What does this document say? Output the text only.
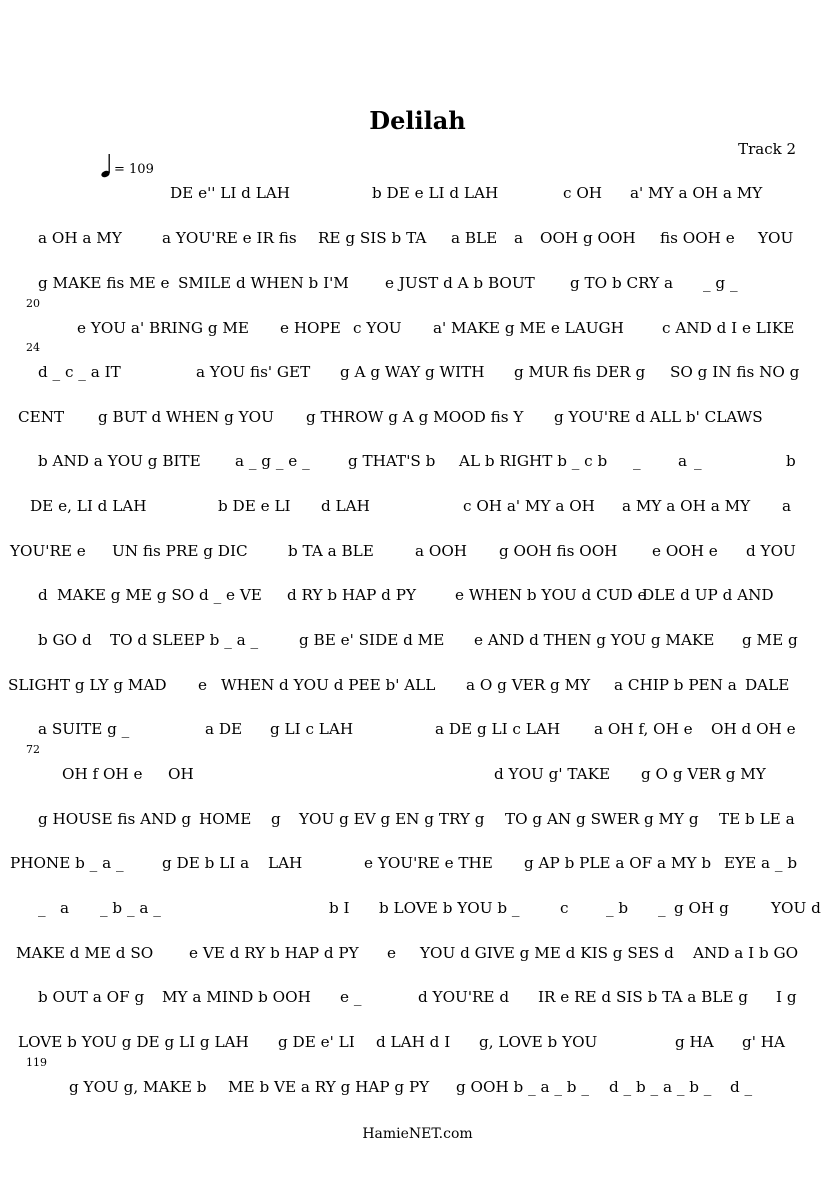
Delilah
Track 2
= 109
DE e'' LI d LAH	b DE e LI d LAH	c OH a' MY a OH a MY
a OH a MY	a YOU'RE e IR fis RE g SIS b TA a BLE a OOH g OOH fis OOH e YOU
g MAKE fis ME e SMILE d WHEN b I'M e JUST d A b BOUT g TO b CRY a _ g _
e YOU a' BRING g ME e HOPE c YOU a' MAKE g ME e LAUGH	c AND d I e LIKE
d _ c _ a IT	a YOU fis' GET g A g WAY g WITH g MUR fis DER g SO g IN fis NO g
CENT g BUT d WHEN g YOU g THROW g A g MOOD fis Y g YOU'RE d ALL b' CLAWS
b AND a YOU g BITE a _ g _ e _	g THAT'S b AL b RIGHT b _ c b _ a _	b
DE e, LI d LAH	b DE e LI d LAH	c OH a' MY a OH a MY a OH a MY a
YOU'RE e UN fis PRE g DIC	b TA a BLE	a OOH g OOH fis OOH e OOH e d YOU
d MAKE g ME g SO d _ e VE d RY b HAP d PY	e WHEN b YOU d CUD e
DLE d UP d AND
b GO d TO d SLEEP b _ a _	g BE e' SIDE d ME e AND d THEN g YOU g MAKE g ME g
SLIGHT g LY g MAD e WHEN d YOU d PEE b' ALL a O g VER g MY a CHIP b PEN a DALE
a SUITE g _	a DE g LI c LAH	a DE g LI c LAH a OH f, OH e OH d OH e
OH f OH e OH	d YOU g' TAKE g O g VER g MY
g HOUSE fis AND g HOME g YOU g EV g EN g TRY g TO g AN g SWER g MY g TE b LE a
PHONE b _ a _	g DE b LI a LAH	e YOU'RE e THE g AP b PLE a OF a MY b EYE a _ b
_ a _ b _ a _	b I b LOVE b YOU b _	c _ b _ g OH g	YOU d
MAKE d ME d SO e VE d RY b HAP d PY e YOU d GIVE g ME d KIS g SES d AND a I b GO
b OUT a OF g MY a MIND b OOH e _	d YOU'RE d IR e RE d SIS b TA a BLE g I g
LOVE b YOU g DE g LI g LAH g DE e' LI d LAH d I g, LOVE b YOU	g HA g' HA
g YOU g, MAKE b ME b VE a RY g HAP g PY g OOH b _ a _ b _ d _ b _ a _ b _ d _
20
24
72
119
HamieNET.com
